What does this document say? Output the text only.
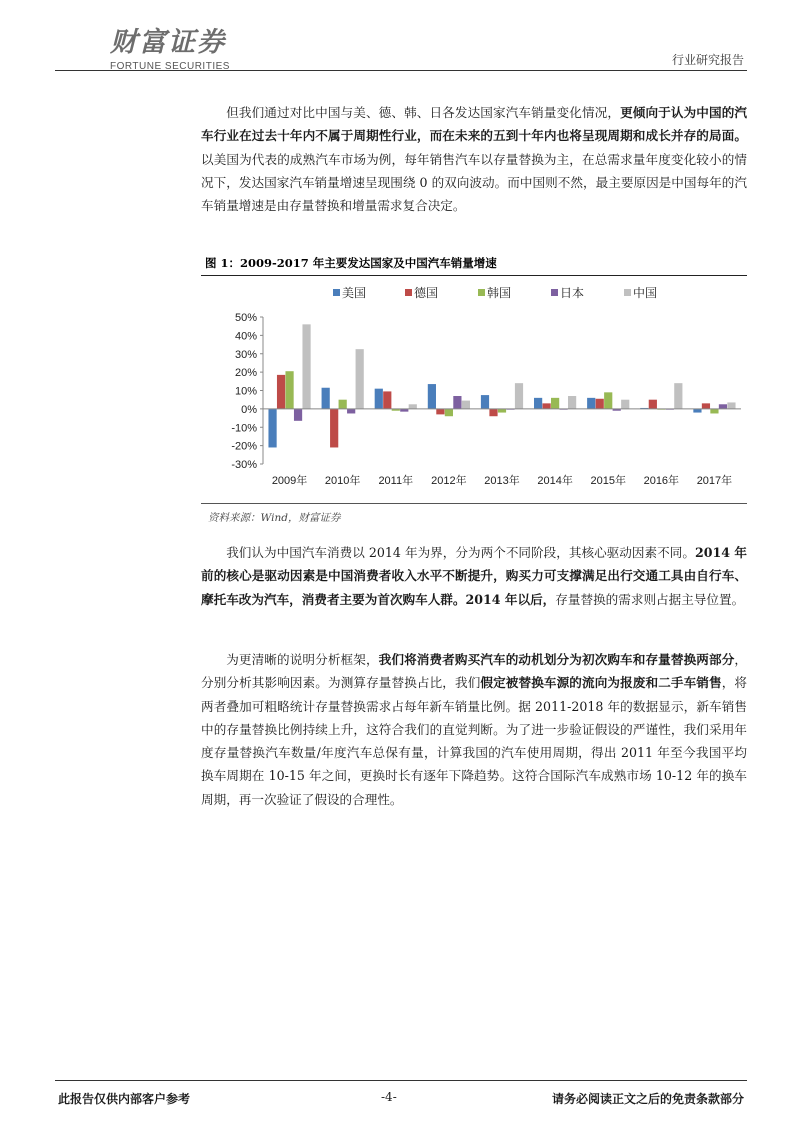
财富证券
FORTUNE SECURITIES	行业研究报告

但我们通过对比中国与美、德、韩、日各发达国家汽车销量变化情况，更倾向于认为中国的汽车行业在过去十年内不属于周期性行业，而在未来的五到十年内也将呈现周期和成长并存的局面。以美国为代表的成熟汽车市场为例，每年销售汽车以存量替换为主，在总需求量年度变化较小的情况下，发达国家汽车销量增速呈现围绕 0 的双向波动。而中国则不然，最主要原因是中国每年的汽车销量增速是由存量替换和增量需求复合决定。

图 1：2009-2017 年主要发达国家及中国汽车销量增速
美国	德国	韩国	日本	中国
50%
40%
30%
20%
10%
0%
-10%
-20%
-30%
2009年 2010年 2011年 2012年 2013年 2014年 2015年 2016年 2017年
资料来源：Wind，财富证券

我们认为中国汽车消费以 2014 年为界，分为两个不同阶段，其核心驱动因素不同。2014 年前的核心是驱动因素是中国消费者收入水平不断提升，购买力可支撑满足出行交通工具由自行车、摩托车改为汽车，消费者主要为首次购车人群。2014 年以后，存量替换的需求则占据主导位置。

为更清晰的说明分析框架，我们将消费者购买汽车的动机划分为初次购车和存量替换两部分，分别分析其影响因素。为测算存量替换占比，我们假定被替换车源的流向为报废和二手车销售，将两者叠加可粗略统计存量替换需求占每年新车销量比例。据 2011-2018 年的数据显示，新车销售中的存量替换比例持续上升，这符合我们的直觉判断。为了进一步验证假设的严谨性，我们采用年度存量替换汽车数量/年度汽车总保有量，计算我国的汽车使用周期，得出 2011 年至今我国平均换车周期在 10-15 年之间，更换时长有逐年下降趋势。这符合国际汽车成熟市场 10-12 年的换车周期，再一次验证了假设的合理性。

此报告仅供内部客户参考	-4-	请务必阅读正文之后的免责条款部分
